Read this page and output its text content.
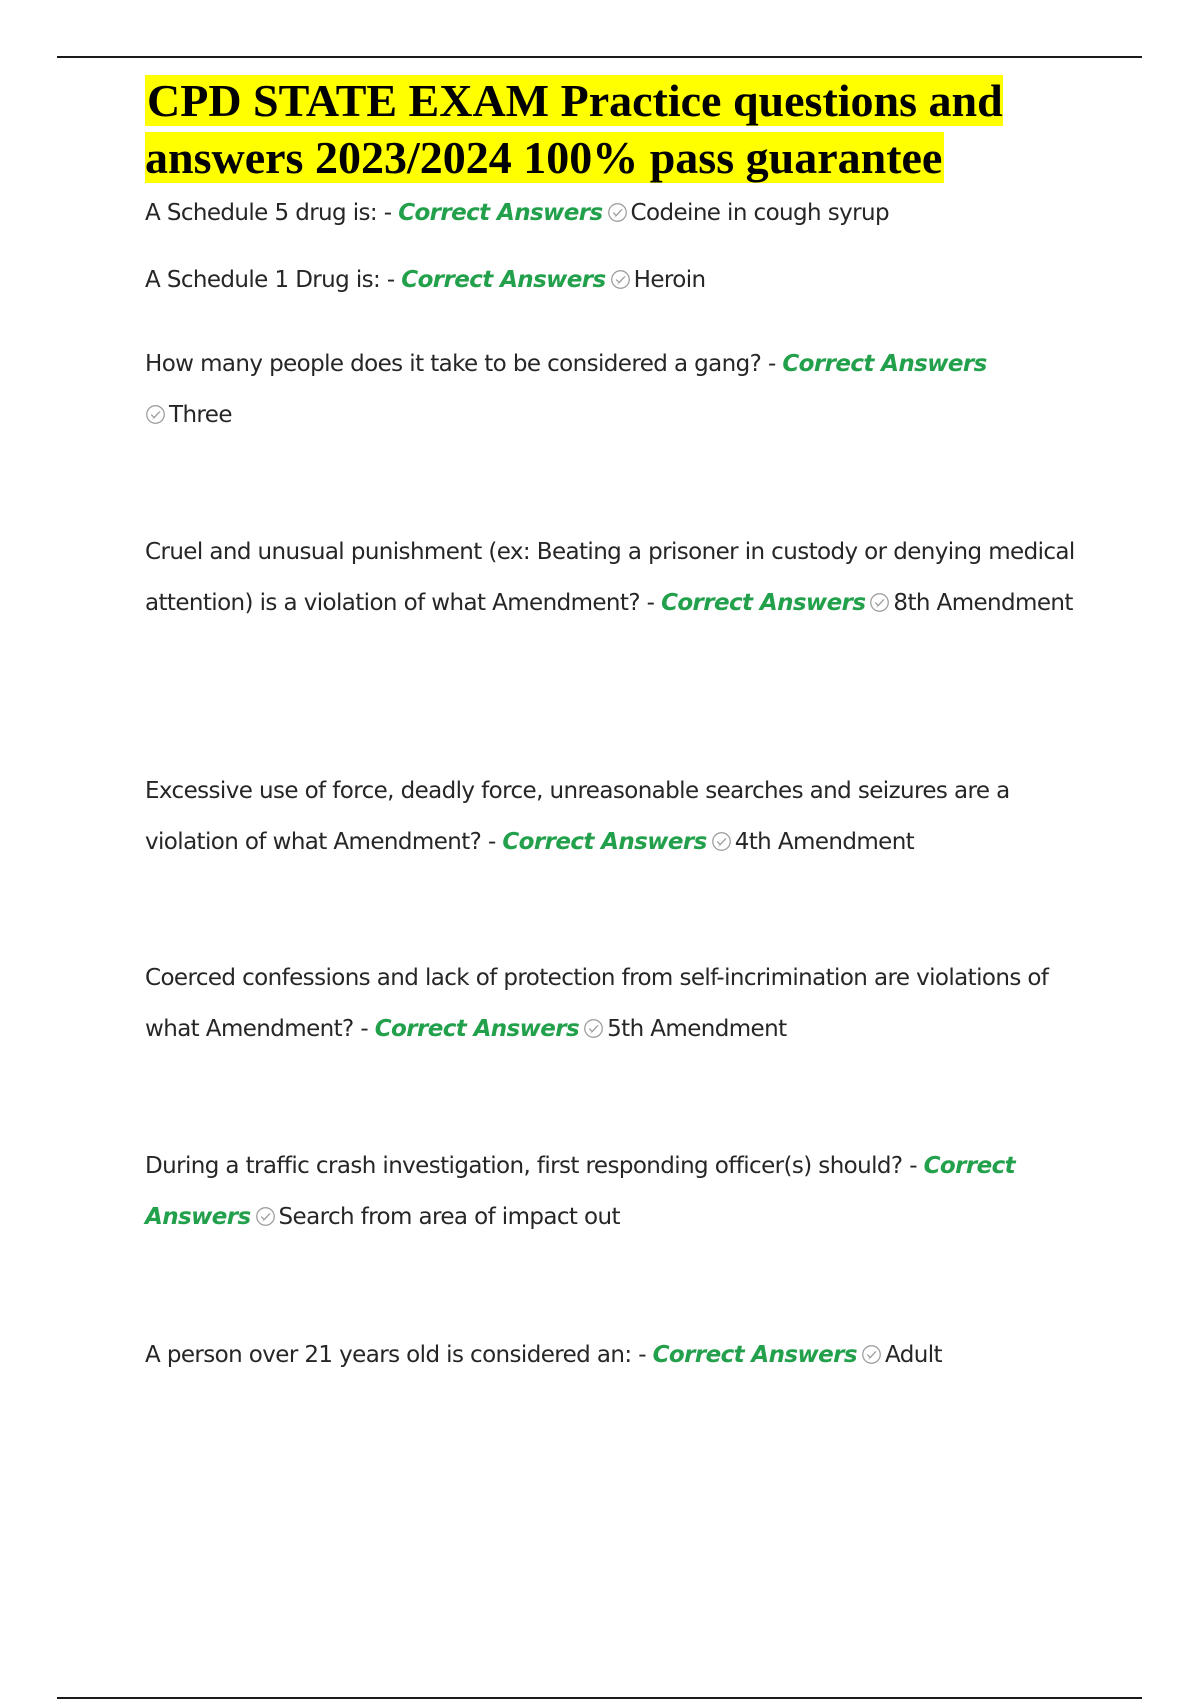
CPD STATE EXAM Practice questions and answers 2023/2024 100% pass guarantee

A Schedule 5 drug is: - Correct Answers Codeine in cough syrup

A Schedule 1 Drug is: - Correct Answers Heroin

How many people does it take to be considered a gang? - Correct Answers

Three

Cruel and unusual punishment (ex: Beating a prisoner in custody or denying medical attention) is a violation of what Amendment? - Correct Answers 8th Amendment

Excessive use of force, deadly force, unreasonable searches and seizures are a violation of what Amendment? - Correct Answers 4th Amendment

Coerced confessions and lack of protection from self-incrimination are violations of what Amendment? - Correct Answers 5th Amendment

During a traffic crash investigation, first responding officer(s) should? - Correct Answers Search from area of impact out

A person over 21 years old is considered an: - Correct Answers Adult
